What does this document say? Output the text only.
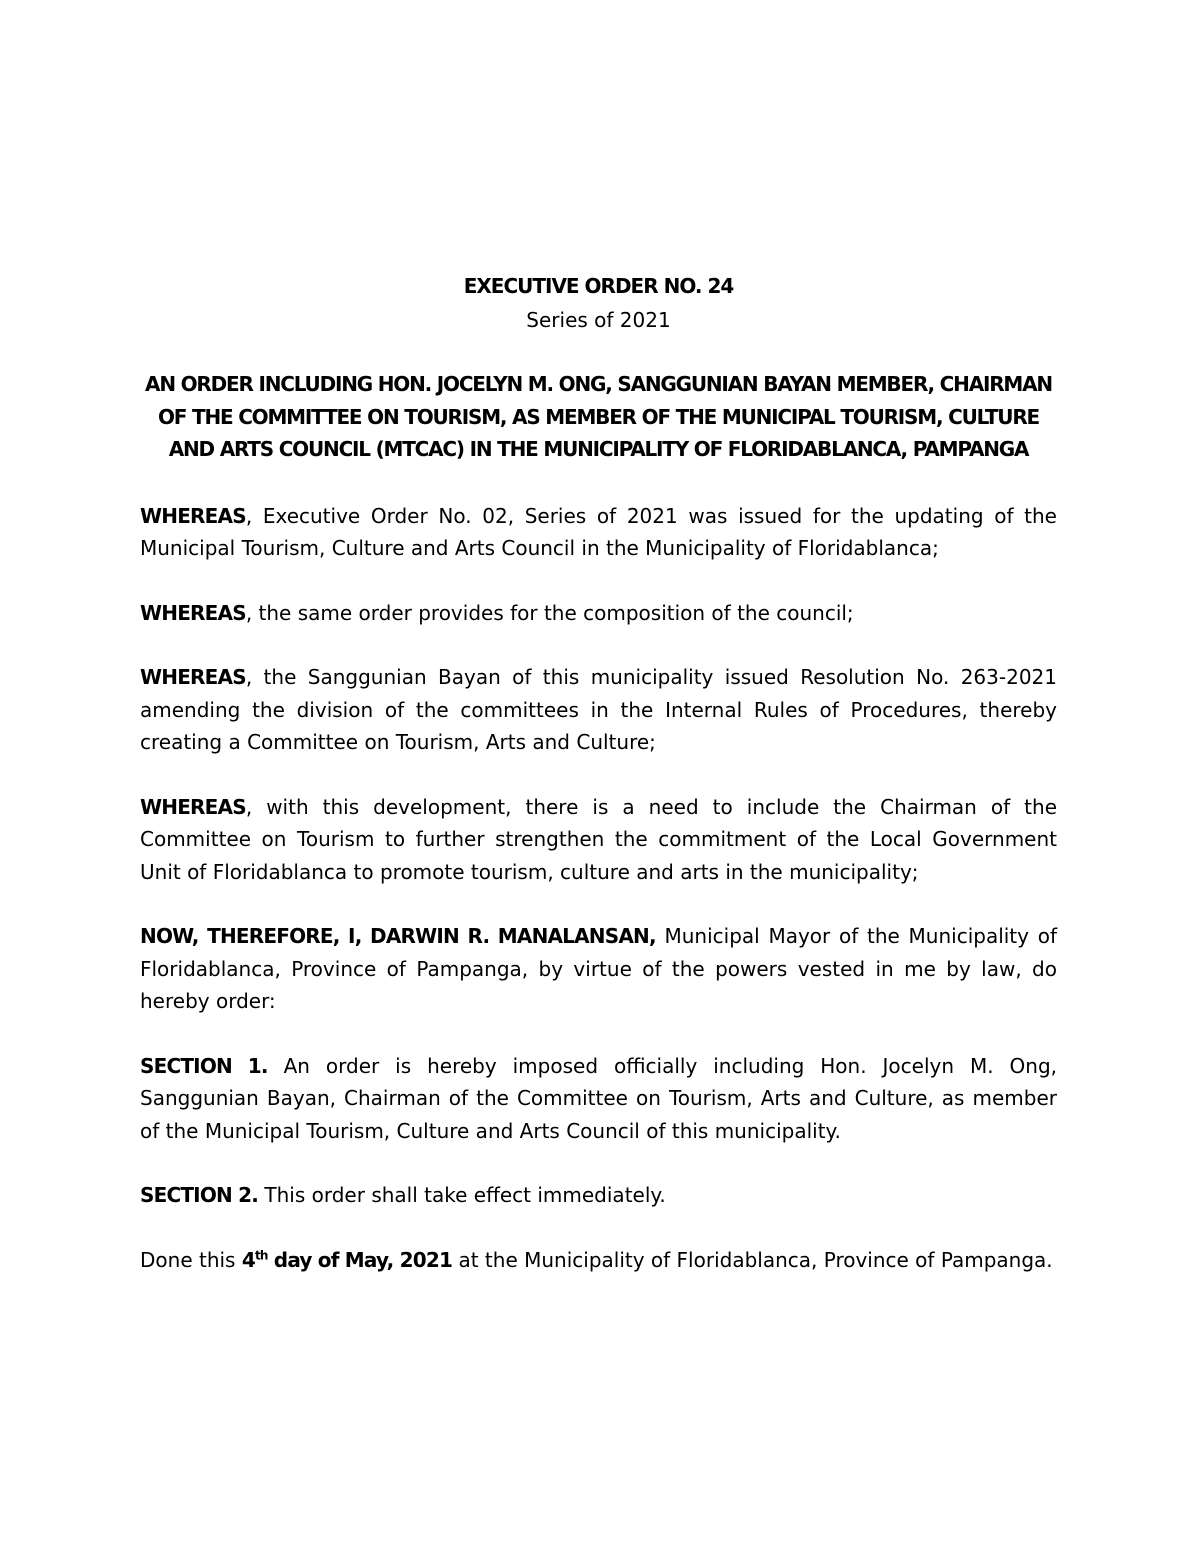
EXECUTIVE ORDER NO. 24
Series of 2021
AN ORDER INCLUDING HON. JOCELYN M. ONG, SANGGUNIAN BAYAN MEMBER, CHAIRMAN OF THE COMMITTEE ON TOURISM, AS MEMBER OF THE MUNICIPAL TOURISM, CULTURE AND ARTS COUNCIL (MTCAC) IN THE MUNICIPALITY OF FLORIDABLANCA, PAMPANGA
WHEREAS, Executive Order No. 02, Series of 2021 was issued for the updating of the Municipal Tourism, Culture and Arts Council in the Municipality of Floridablanca;
WHEREAS, the same order provides for the composition of the council;
WHEREAS, the Sanggunian Bayan of this municipality issued Resolution No. 263-2021 amending the division of the committees in the Internal Rules of Procedures, thereby creating a Committee on Tourism, Arts and Culture;
WHEREAS, with this development, there is a need to include the Chairman of the Committee on Tourism to further strengthen the commitment of the Local Government Unit of Floridablanca to promote tourism, culture and arts in the municipality;
NOW, THEREFORE, I, DARWIN R. MANALANSAN, Municipal Mayor of the Municipality of Floridablanca, Province of Pampanga, by virtue of the powers vested in me by law, do hereby order:
SECTION 1. An order is hereby imposed officially including Hon. Jocelyn M. Ong, Sanggunian Bayan, Chairman of the Committee on Tourism, Arts and Culture, as member of the Municipal Tourism, Culture and Arts Council of this municipality.
SECTION 2. This order shall take effect immediately.
Done this 4th day of May, 2021 at the Municipality of Floridablanca, Province of Pampanga.
